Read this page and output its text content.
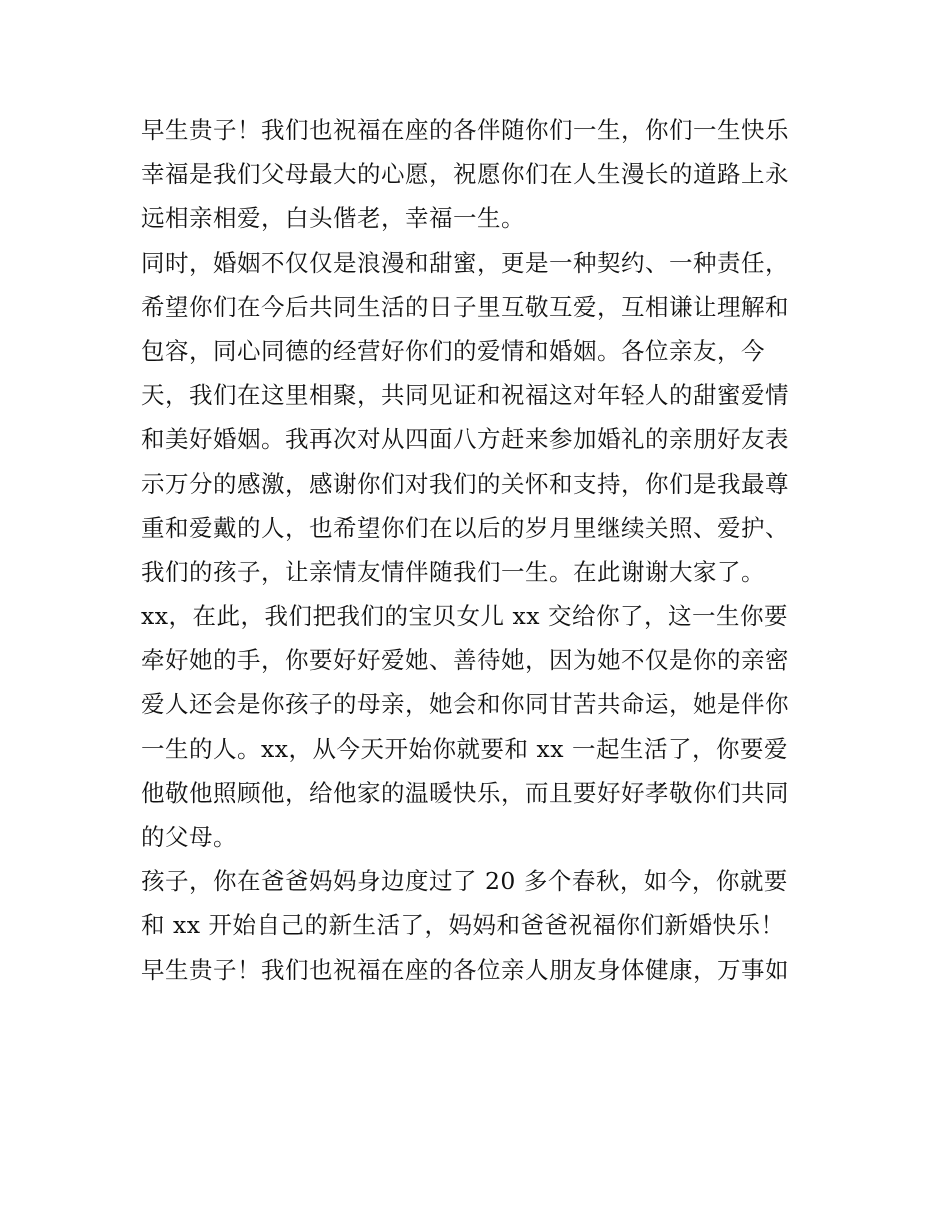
早生贵子！我们也祝福在座的各伴随你们一生，你们一生快乐
幸福是我们父母最大的心愿，祝愿你们在人生漫长的道路上永
远相亲相爱，白头偕老，幸福一生。
同时，婚姻不仅仅是浪漫和甜蜜，更是一种契约、一种责任，
希望你们在今后共同生活的日子里互敬互爱，互相谦让理解和
包容，同心同德的经营好你们的爱情和婚姻。各位亲友，今
天，我们在这里相聚，共同见证和祝福这对年轻人的甜蜜爱情
和美好婚姻。我再次对从四面八方赶来参加婚礼的亲朋好友表
示万分的感激，感谢你们对我们的关怀和支持，你们是我最尊
重和爱戴的人，也希望你们在以后的岁月里继续关照、爱护、
我们的孩子，让亲情友情伴随我们一生。在此谢谢大家了。
xx，在此，我们把我们的宝贝女儿 xx 交给你了，这一生你要
牵好她的手，你要好好爱她、善待她，因为她不仅是你的亲密
爱人还会是你孩子的母亲，她会和你同甘苦共命运，她是伴你
一生的人。xx，从今天开始你就要和 xx 一起生活了，你要爱
他敬他照顾他，给他家的温暖快乐，而且要好好孝敬你们共同
的父母。
孩子，你在爸爸妈妈身边度过了 20 多个春秋，如今，你就要
和 xx 开始自己的新生活了，妈妈和爸爸祝福你们新婚快乐！
早生贵子！我们也祝福在座的各位亲人朋友身体健康，万事如
